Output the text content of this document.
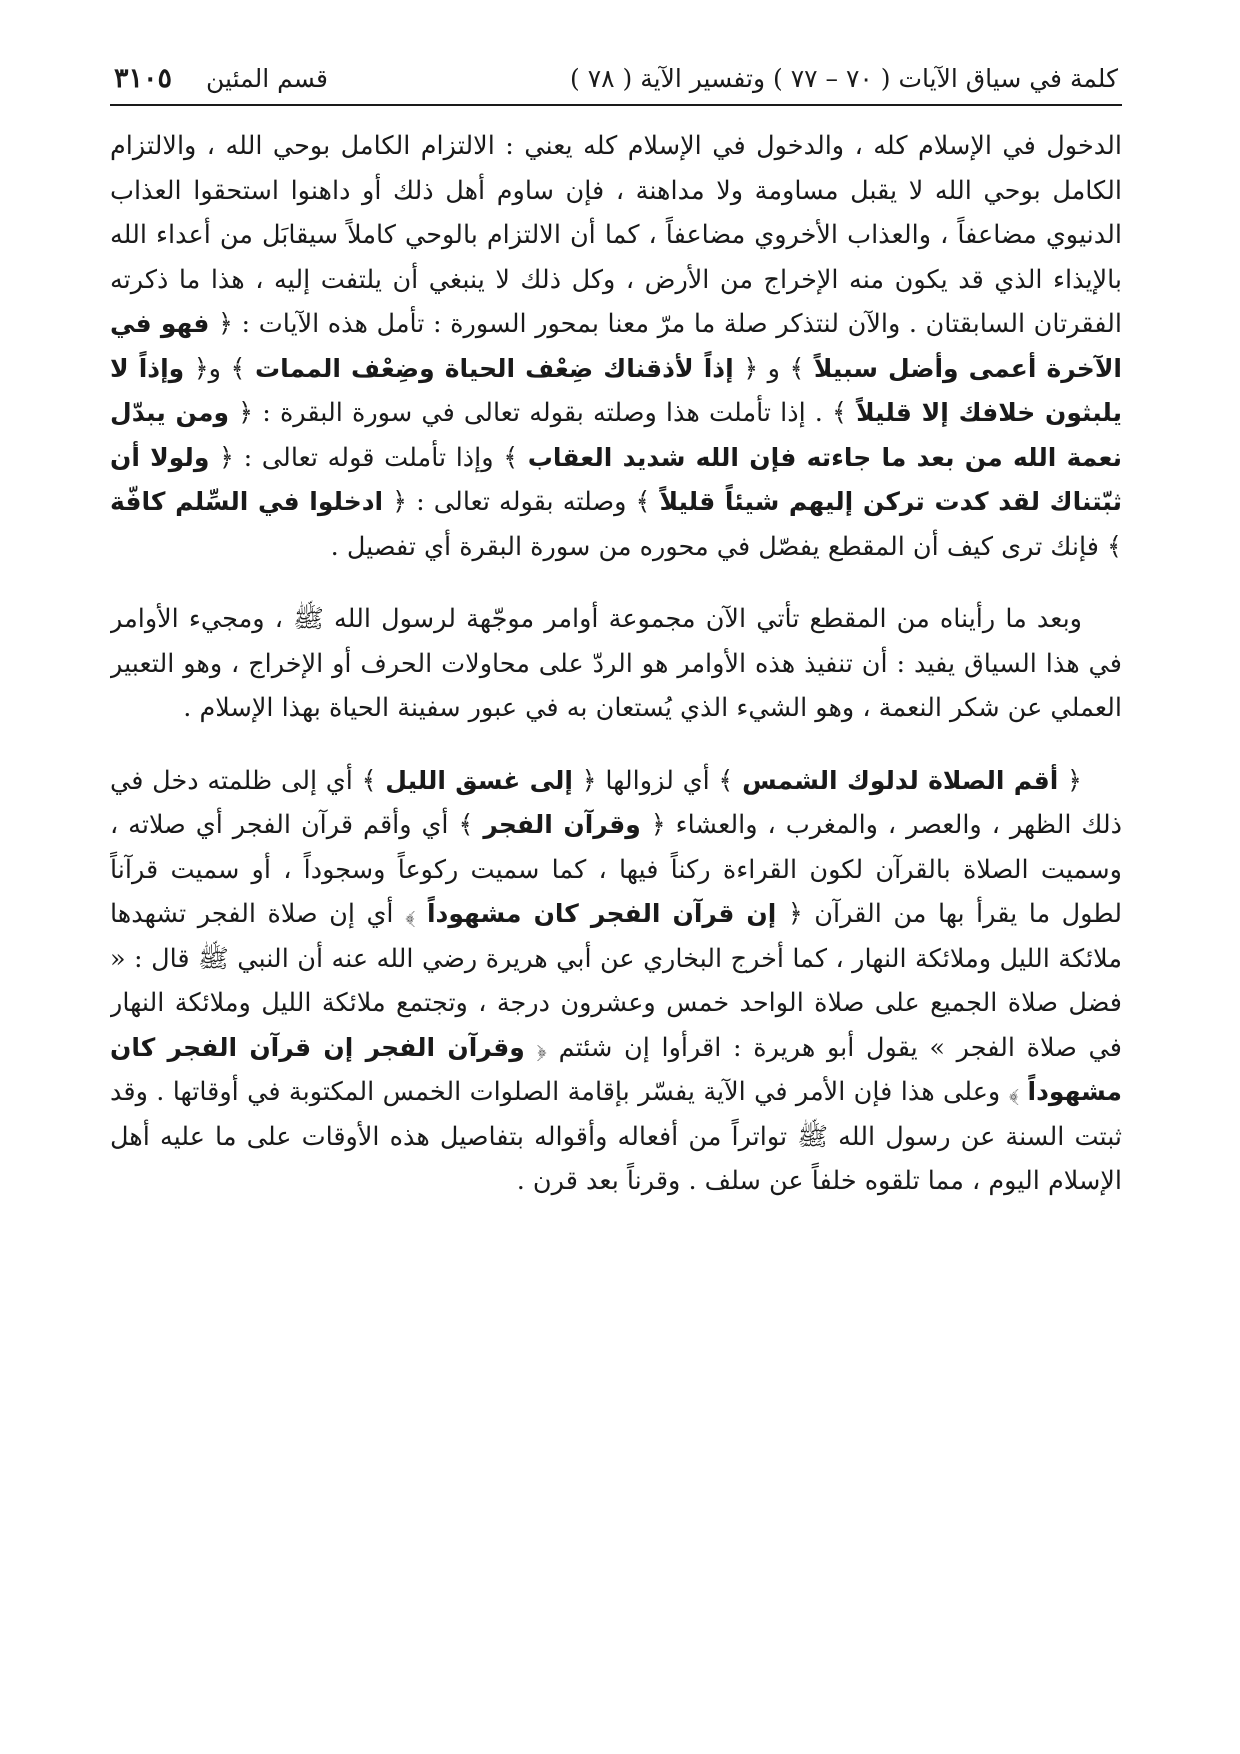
كلمة في سياق الآيات ( ٧٠ – ٧٧ ) وتفسير الآية ( ٧٨ )
قسم المئين
٣١٠٥

الدخول في الإسلام كله ، والدخول في الإسلام كله يعني : الالتزام الكامل بوحي الله ، والالتزام الكامل بوحي الله لا يقبل مساومة ولا مداهنة ، فإن ساوم أهل ذلك أو داهنوا استحقوا العذاب الدنيوي مضاعفاً ، والعذاب الأخروي مضاعفاً ، كما أن الالتزام بالوحي كاملاً سيقابَل من أعداء الله بالإيذاء الذي قد يكون منه الإخراج من الأرض ، وكل ذلك لا ينبغي أن يلتفت إليه ، هذا ما ذكرته الفقرتان السابقتان . والآن لنتذكر صلة ما مرّ معنا بمحور السورة : تأمل هذه الآيات : ﴿ فهو في الآخرة أعمى وأضل سبيلاً ﴾ و ﴿ إذاً لأذقناك ضِعْف الحياة وضِعْف الممات ﴾ و﴿ وإذاً لا يلبثون خلافك إلا قليلاً ﴾ . إذا تأملت هذا وصلته بقوله تعالى في سورة البقرة : ﴿ ومن يبدّل نعمة الله من بعد ما جاءته فإن الله شديد العقاب ﴾ وإذا تأملت قوله تعالى : ﴿ ولولا أن ثبّتناك لقد كدت تركن إليهم شيئاً قليلاً ﴾ وصلته بقوله تعالى : ﴿ ادخلوا في السِّلم كافّة ﴾ فإنك ترى كيف أن المقطع يفصّل في محوره من سورة البقرة أي تفصيل .

وبعد ما رأيناه من المقطع تأتي الآن مجموعة أوامر موجّهة لرسول الله ﷺ ، ومجيء الأوامر في هذا السياق يفيد : أن تنفيذ هذه الأوامر هو الردّ على محاولات الحرف أو الإخراج ، وهو التعبير العملي عن شكر النعمة ، وهو الشيء الذي يُستعان به في عبور سفينة الحياة بهذا الإسلام .

﴿ أقم الصلاة لدلوك الشمس ﴾ أي لزوالها ﴿ إلى غسق الليل ﴾ أي إلى ظلمته دخل في ذلك الظهر ، والعصر ، والمغرب ، والعشاء ﴿ وقرآن الفجر ﴾ أي وأقم قرآن الفجر أي صلاته ، وسميت الصلاة بالقرآن لكون القراءة ركناً فيها ، كما سميت ركوعاً وسجوداً ، أو سميت قرآناً لطول ما يقرأ بها من القرآن ﴿ إن قرآن الفجر كان مشهوداً ﴾ أي إن صلاة الفجر تشهدها ملائكة الليل وملائكة النهار ، كما أخرج البخاري عن أبي هريرة رضي الله عنه أن النبي ﷺ قال : « فضل صلاة الجميع على صلاة الواحد خمس وعشرون درجة ، وتجتمع ملائكة الليل وملائكة النهار في صلاة الفجر » يقول أبو هريرة : اقرأوا إن شئتم ﴿ وقرآن الفجر إن قرآن الفجر كان مشهوداً ﴾ وعلى هذا فإن الأمر في الآية يفسّر بإقامة الصلوات الخمس المكتوبة في أوقاتها . وقد ثبتت السنة عن رسول الله ﷺ تواتراً من أفعاله وأقواله بتفاصيل هذه الأوقات على ما عليه أهل الإسلام اليوم ، مما تلقوه خلفاً عن سلف . وقرناً بعد قرن .
